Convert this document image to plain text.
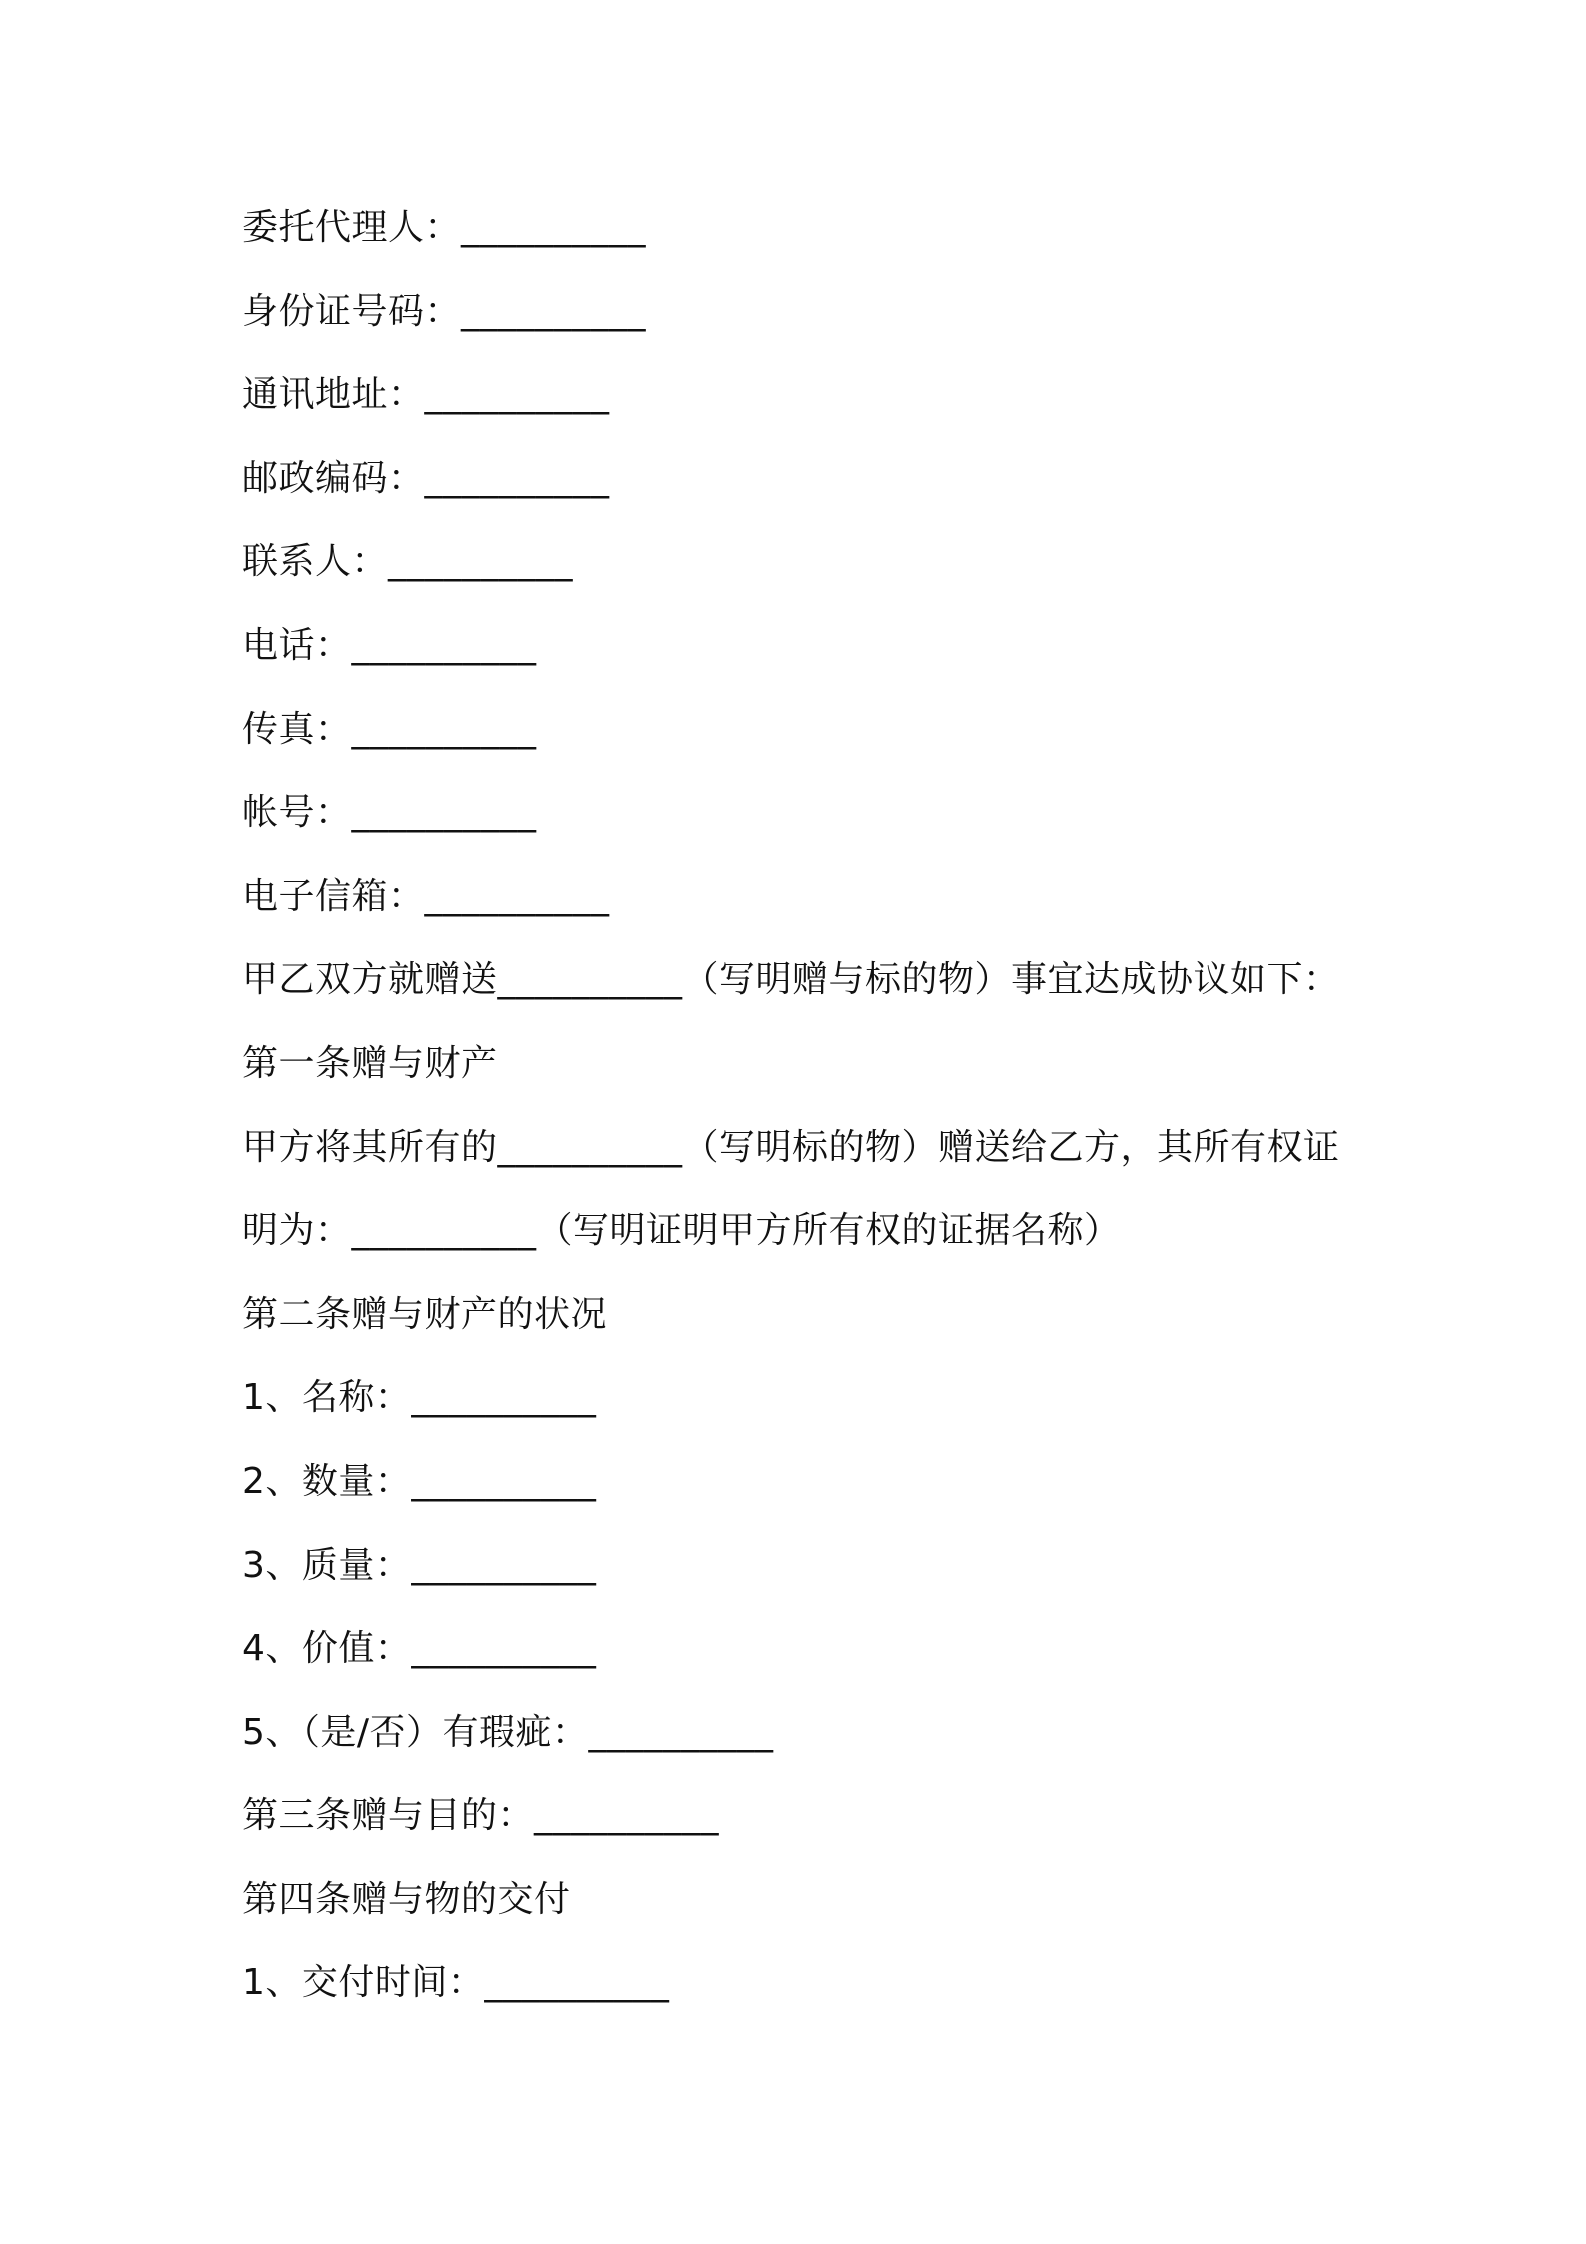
委托代理人：__________
身份证号码：__________
通讯地址：__________
邮政编码：__________
联系人：__________
电话：__________
传真：__________
帐号：__________
电子信箱：__________
甲乙双方就赠送__________（写明赠与标的物）事宜达成协议如下：
第一条赠与财产
甲方将其所有的__________（写明标的物）赠送给乙方，其所有权证
明为：__________（写明证明甲方所有权的证据名称）
第二条赠与财产的状况
1、名称：__________
2、数量：__________
3、质量：__________
4、价值：__________
5、（是/否）有瑕疵：__________
第三条赠与目的：__________
第四条赠与物的交付
1、交付时间：__________
